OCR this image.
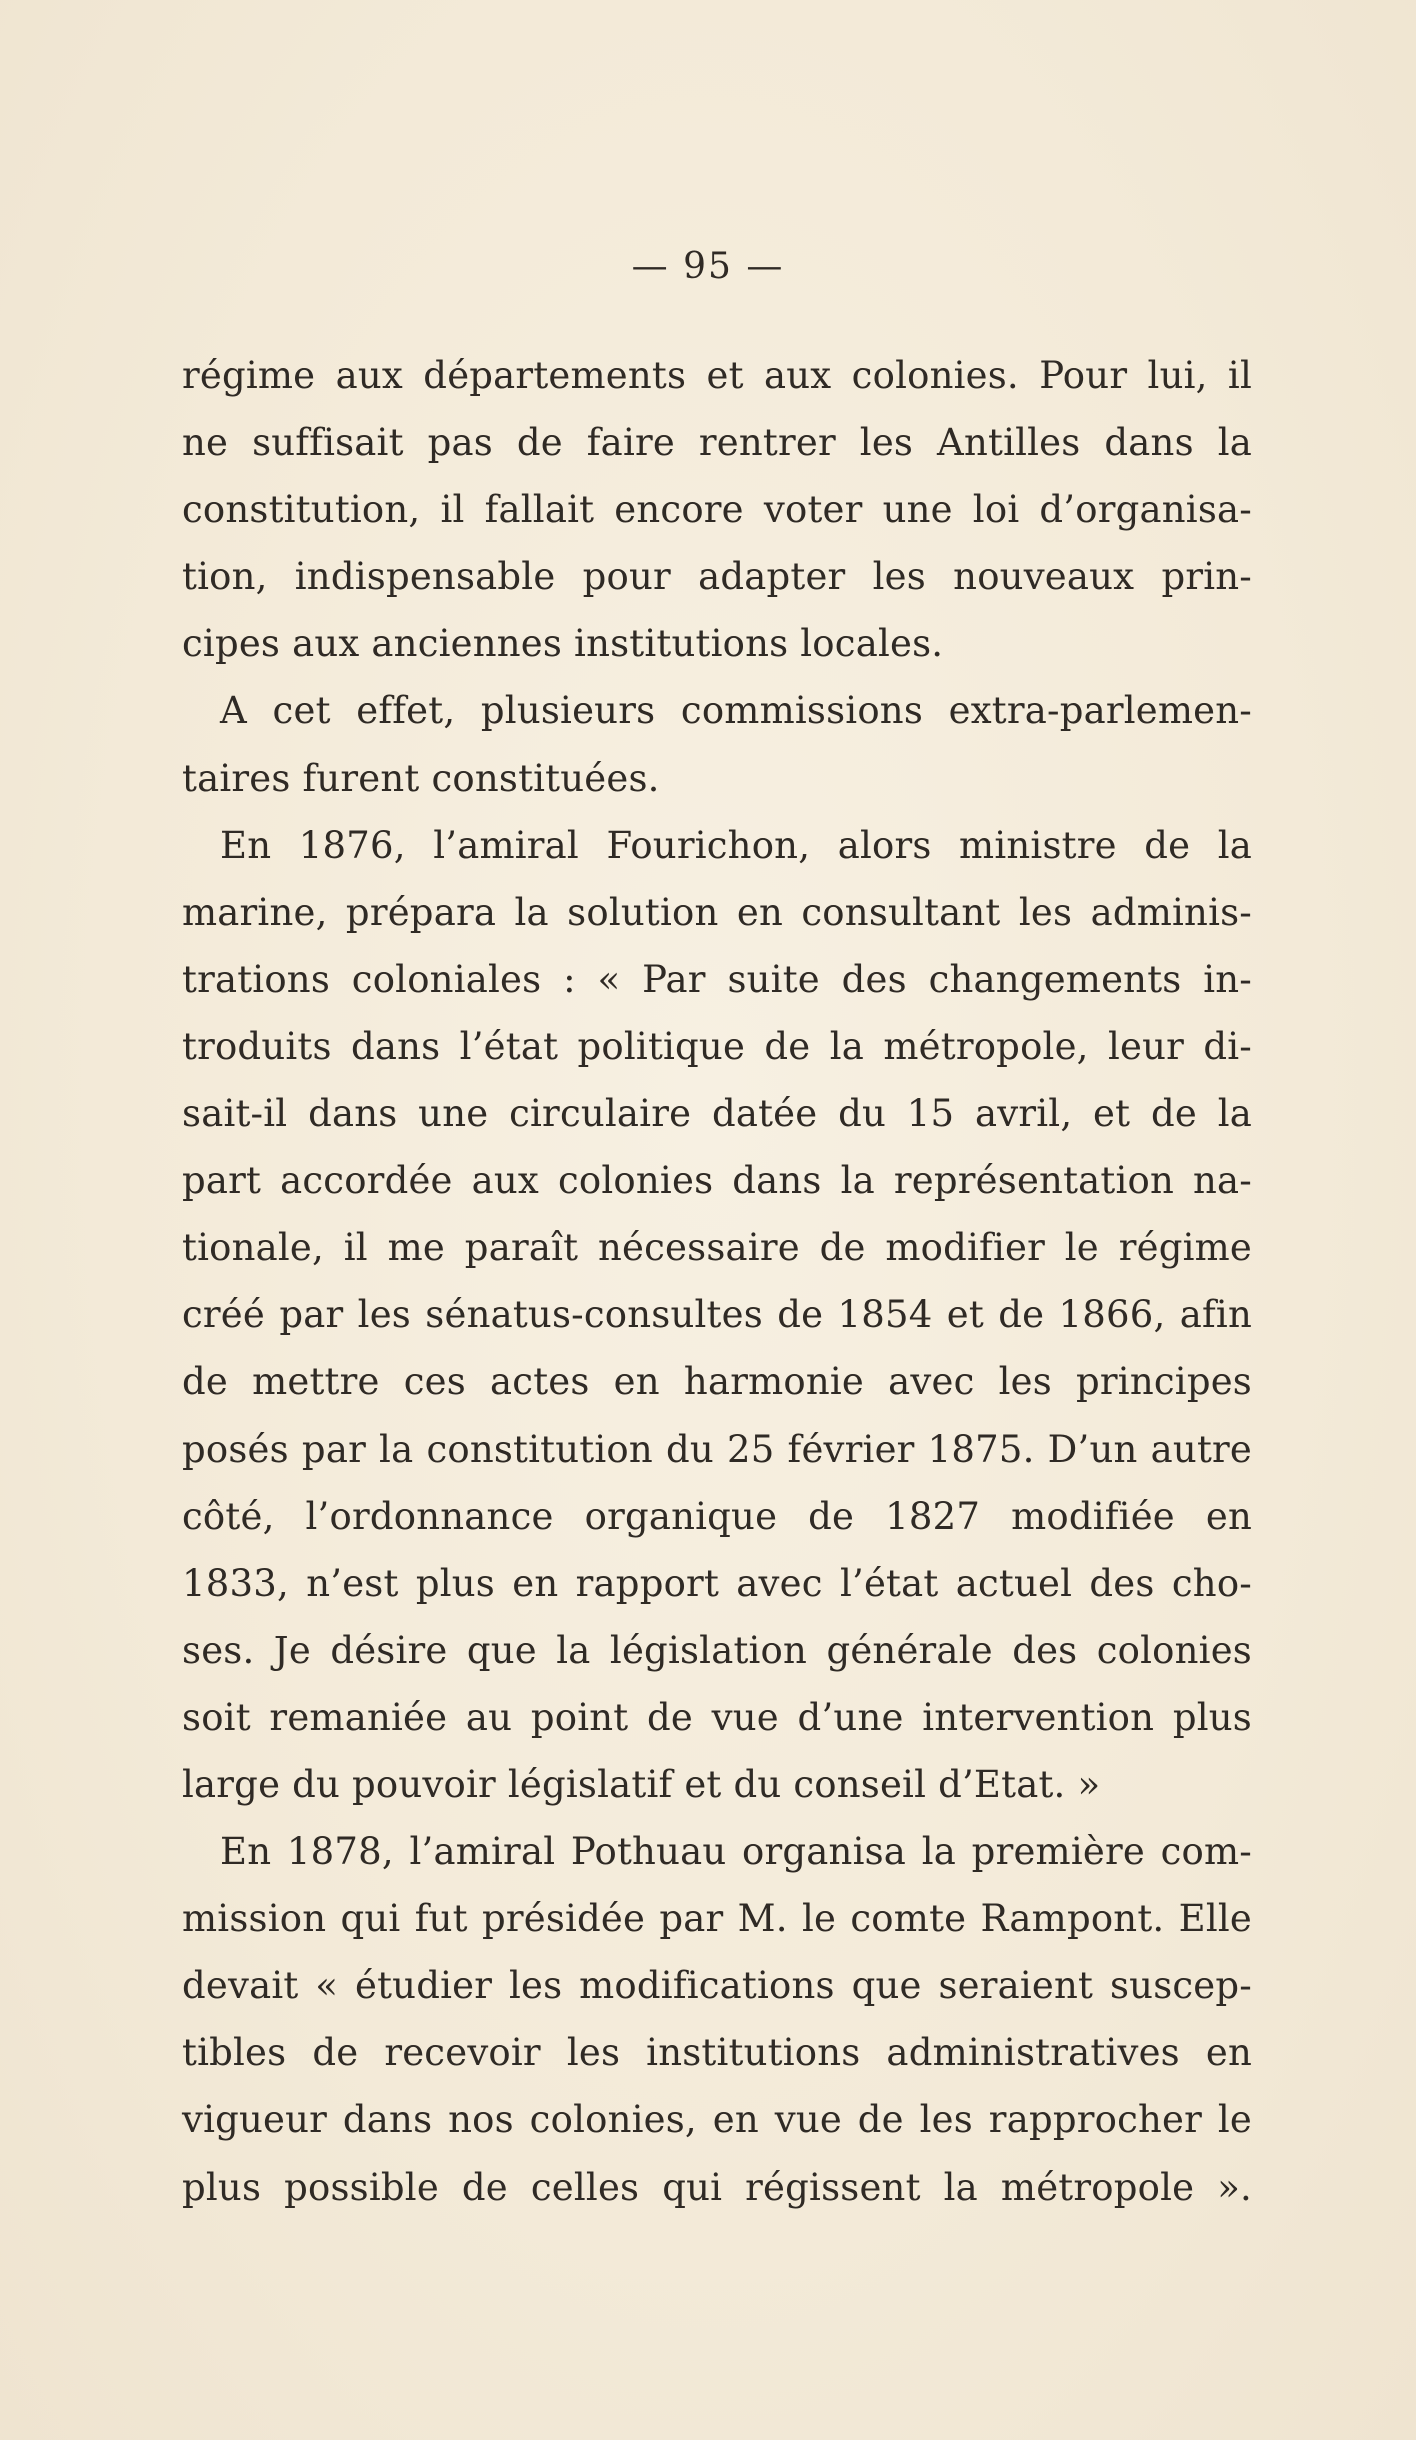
— 95 —
régime aux départements et aux colonies. Pour lui, il
ne suffisait pas de faire rentrer les Antilles dans la
constitution, il fallait encore voter une loi d’organisa-
tion, indispensable pour adapter les nouveaux prin-
cipes aux anciennes institutions locales.
A cet effet, plusieurs commissions extra-parlemen-
taires furent constituées.
En 1876, l’amiral Fourichon, alors ministre de la
marine, prépara la solution en consultant les adminis-
trations coloniales : « Par suite des changements in-
troduits dans l’état politique de la métropole, leur di-
sait-il dans une circulaire datée du 15 avril, et de la
part accordée aux colonies dans la représentation na-
tionale, il me paraît nécessaire de modifier le régime
créé par les sénatus-consultes de 1854 et de 1866, afin
de mettre ces actes en harmonie avec les principes
posés par la constitution du 25 février 1875. D’un autre
côté, l’ordonnance organique de 1827 modifiée en
1833, n’est plus en rapport avec l’état actuel des cho-
ses. Je désire que la législation générale des colonies
soit remaniée au point de vue d’une intervention plus
large du pouvoir législatif et du conseil d’Etat. »
En 1878, l’amiral Pothuau organisa la première com-
mission qui fut présidée par M. le comte Rampont. Elle
devait « étudier les modifications que seraient suscep-
tibles de recevoir les institutions administratives en
vigueur dans nos colonies, en vue de les rapprocher le
plus possible de celles qui régissent la métropole ».
